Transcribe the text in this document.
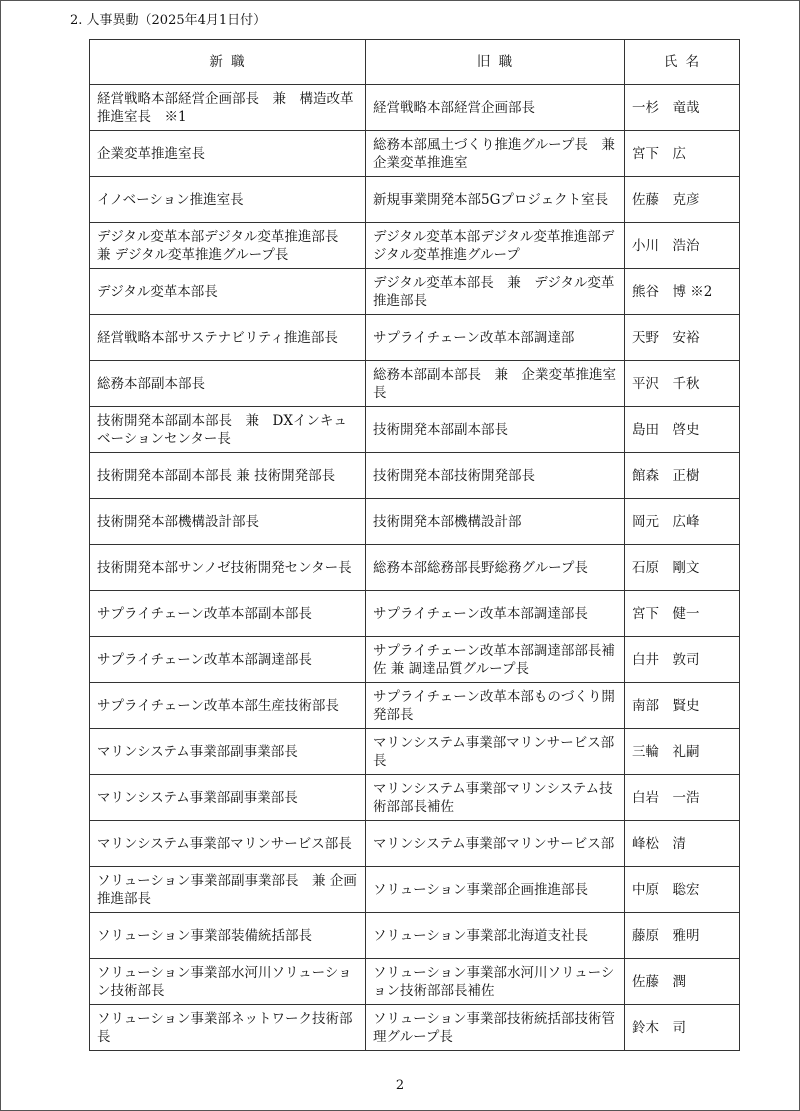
2. 人事異動（2025年4月1日付）
新 職	旧 職	氏 名
経営戦略本部経営企画部長　兼　構造改革推進室長　※1	経営戦略本部経営企画部長	一杉　竜哉
企業変革推進室長	総務本部風土づくり推進グループ長　兼　企業変革推進室	宮下　広
イノベーション推進室長	新規事業開発本部5Gプロジェクト室長	佐藤　克彦
デジタル変革本部デジタル変革推進部長　兼 デジタル変革推進グループ長	デジタル変革本部デジタル変革推進部デジタル変革推進グループ	小川　浩治
デジタル変革本部長	デジタル変革本部長　兼　デジタル変革推進部長	熊谷　博 ※2
経営戦略本部サステナビリティ推進部長	サプライチェーン改革本部調達部	天野　安裕
総務本部副本部長	総務本部副本部長　兼　企業変革推進室長	平沢　千秋
技術開発本部副本部長　兼　DXインキュベーションセンター長	技術開発本部副本部長	島田　啓史
技術開発本部副本部長 兼 技術開発部長	技術開発本部技術開発部長	館森　正樹
技術開発本部機構設計部長	技術開発本部機構設計部	岡元　広峰
技術開発本部サンノゼ技術開発センター長	総務本部総務部長野総務グループ長	石原　剛文
サプライチェーン改革本部副本部長	サプライチェーン改革本部調達部長	宮下　健一
サプライチェーン改革本部調達部長	サプライチェーン改革本部調達部部長補佐 兼 調達品質グループ長	白井　敦司
サプライチェーン改革本部生産技術部長	サプライチェーン改革本部ものづくり開発部長	南部　賢史
マリンシステム事業部副事業部長	マリンシステム事業部マリンサービス部長	三輪　礼嗣
マリンシステム事業部副事業部長	マリンシステム事業部マリンシステム技術部部長補佐	白岩　一浩
マリンシステム事業部マリンサービス部長	マリンシステム事業部マリンサービス部	峰松　清
ソリューション事業部副事業部長　兼 企画推進部長	ソリューション事業部企画推進部長	中原　聡宏
ソリューション事業部装備統括部長	ソリューション事業部北海道支社長	藤原　雅明
ソリューション事業部水河川ソリューション技術部長	ソリューション事業部水河川ソリューション技術部部長補佐	佐藤　潤
ソリューション事業部ネットワーク技術部長	ソリューション事業部技術統括部技術管理グループ長	鈴木　司
2
